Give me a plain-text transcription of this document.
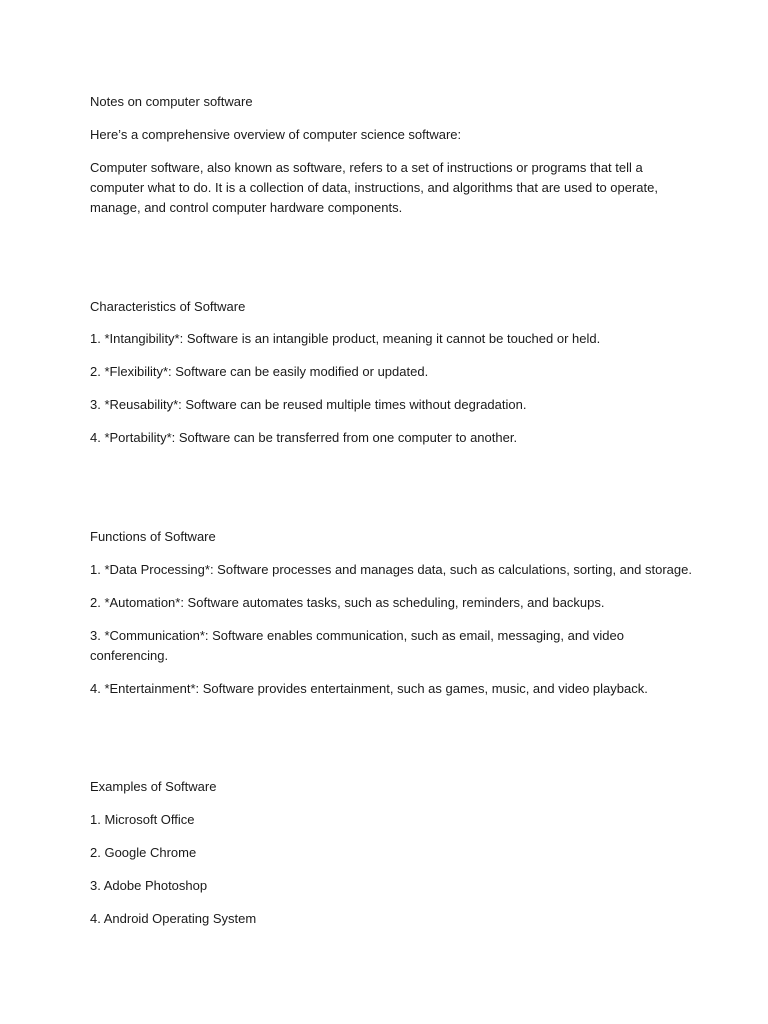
Notes on computer software
Here’s a comprehensive overview of computer science software:
Computer software, also known as software, refers to a set of instructions or programs that tell a
computer what to do. It is a collection of data, instructions, and algorithms that are used to operate,
manage, and control computer hardware components.
Characteristics of Software
1. *Intangibility*: Software is an intangible product, meaning it cannot be touched or held.
2. *Flexibility*: Software can be easily modified or updated.
3. *Reusability*: Software can be reused multiple times without degradation.
4. *Portability*: Software can be transferred from one computer to another.
Functions of Software
1. *Data Processing*: Software processes and manages data, such as calculations, sorting, and storage.
2. *Automation*: Software automates tasks, such as scheduling, reminders, and backups.
3. *Communication*: Software enables communication, such as email, messaging, and video
conferencing.
4. *Entertainment*: Software provides entertainment, such as games, music, and video playback.
Examples of Software
1. Microsoft Office
2. Google Chrome
3. Adobe Photoshop
4. Android Operating System
